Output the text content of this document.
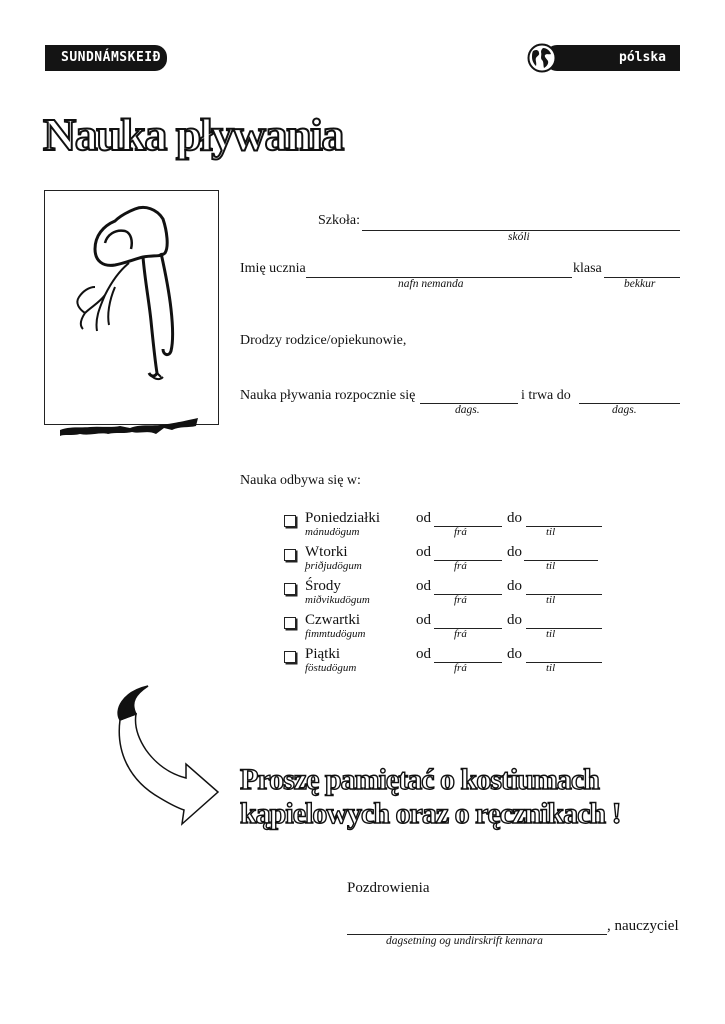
SUNDNÁMSKEIÐ	pólska
Nauka pływania
Szkoła:
skóli
Imię ucznia
nafn nemanda
klasa
bekkur
Drodzy rodzice/opiekunowie,
Nauka pływania rozpocznie się
dags.
i trwa do
dags.
Nauka odbywa się w:
Poniedziałki
mánudögum
od
frá
do
til
Wtorki
þriðjudögum
od
frá
do
til
Środy
miðvikudögum
od
frá
do
til
Czwartki
fimmtudögum
od
frá
do
til
Piątki
föstudögum
od
frá
do
til
Proszę pamiętać o kostiumach
kąpielowych oraz o ręcznikach !
Pozdrowienia
, nauczyciel
dagsetning og undirskrift kennara
